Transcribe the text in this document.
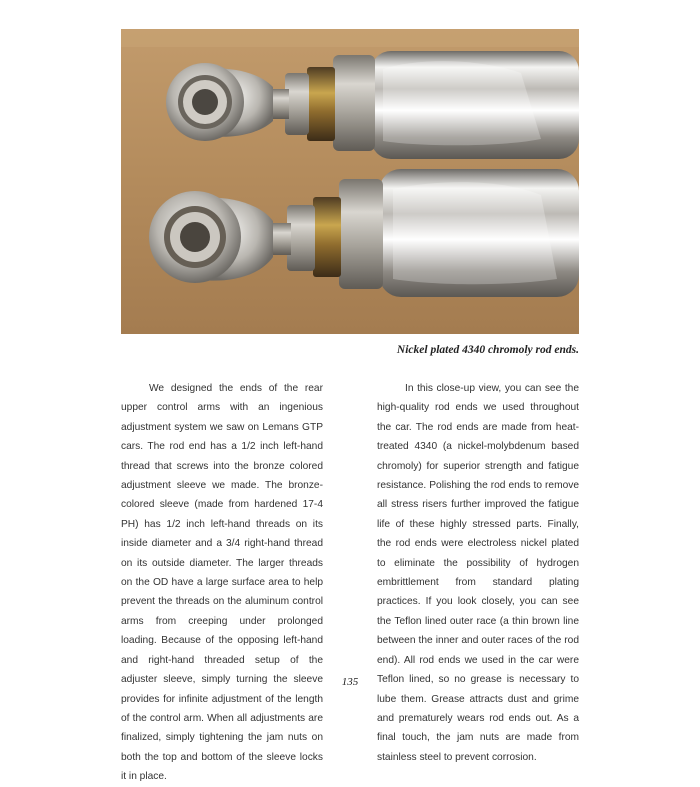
Nickel plated 4340 chromoly rod ends.

We designed the ends of the rear upper control arms with an ingenious adjustment system we saw on Lemans GTP cars. The rod end has a 1/2 inch left-hand thread that screws into the bronze colored adjustment sleeve we made. The bronze-colored sleeve (made from hardened 17-4 PH) has 1/2 inch left-hand threads on its inside diameter and a 3/4 right-hand thread on its outside diameter. The larger threads on the OD have a large surface area to help prevent the threads on the aluminum control arms from creeping under prolonged loading. Because of the opposing left-hand and right-hand threaded setup of the adjuster sleeve, simply turning the sleeve provides for infinite adjustment of the length of the control arm. When all adjustments are finalized, simply tightening the jam nuts on both the top and bottom of the sleeve locks it in place.

In this close-up view, you can see the high-quality rod ends we used throughout the car. The rod ends are made from heat-treated 4340 (a nickel-molybdenum based chromoly) for superior strength and fatigue resistance. Polishing the rod ends to remove all stress risers further improved the fatigue life of these highly stressed parts. Finally, the rod ends were electroless nickel plated to eliminate the possibility of hydrogen embrittlement from standard plating practices. If you look closely, you can see the Teflon lined outer race (a thin brown line between the inner and outer races of the rod end). All rod ends we used in the car were Teflon lined, so no grease is necessary to lube them. Grease attracts dust and grime and prematurely wears rod ends out. As a final touch, the jam nuts are made from stainless steel to prevent corrosion.

135
